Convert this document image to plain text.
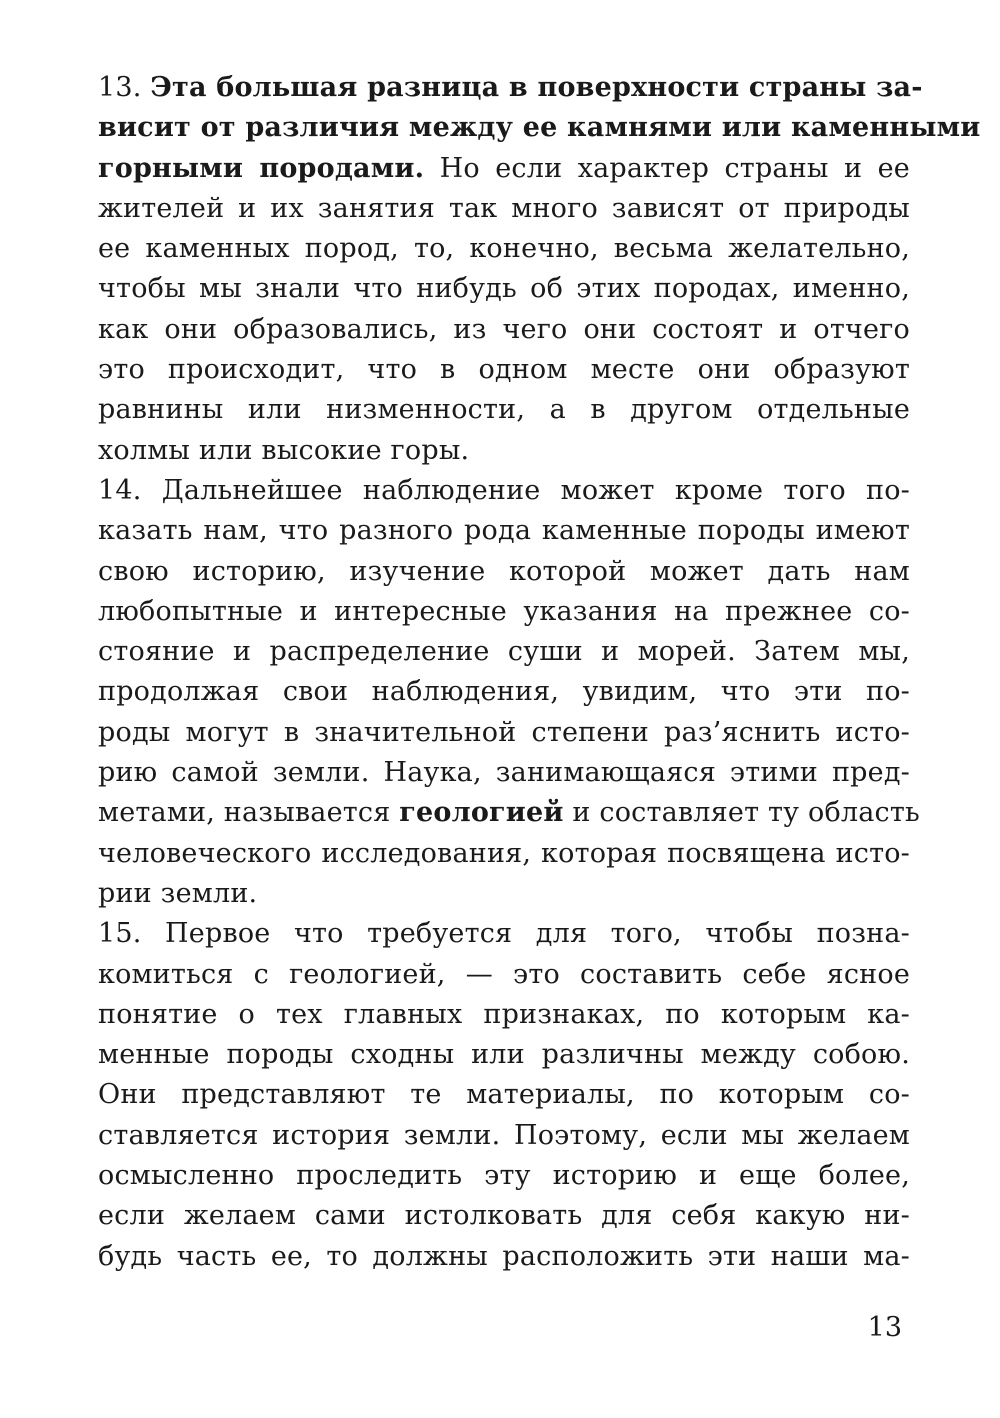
13. Эта большая разница в поверхности страны за-
висит от различия между ее камнями или каменными
горными породами. Но если характер страны и ее
жителей и их занятия так много зависят от природы
ее каменных пород, то, конечно, весьма желательно,
чтобы мы знали что нибудь об этих породах, именно,
как они образовались, из чего они состоят и отчего
это происходит, что в одном месте они образуют
равнины или низменности, а в другом отдельные
холмы или высокие горы.
14. Дальнейшее наблюдение может кроме того по-
казать нам, что разного рода каменные породы имеют
свою историю, изучение которой может дать нам
любопытные и интересные указания на прежнее со-
стояние и распределение суши и морей. Затем мы,
продолжая свои наблюдения, увидим, что эти по-
роды могут в значительной степени раз’яснить исто-
рию самой земли. Наука, занимающаяся этими пред-
метами, называется геологией и составляет ту область
человеческого исследования, которая посвящена исто-
рии земли.
15. Первое что требуется для того, чтобы позна-
комиться с геологией, — это составить себе ясное
понятие о тех главных признаках, по которым ка-
менные породы сходны или различны между собою.
Они представляют те материалы, по которым со-
ставляется история земли. Поэтому, если мы желаем
осмысленно проследить эту историю и еще более,
если желаем сами истолковать для себя какую ни-
будь часть ее, то должны расположить эти наши ма-
13
